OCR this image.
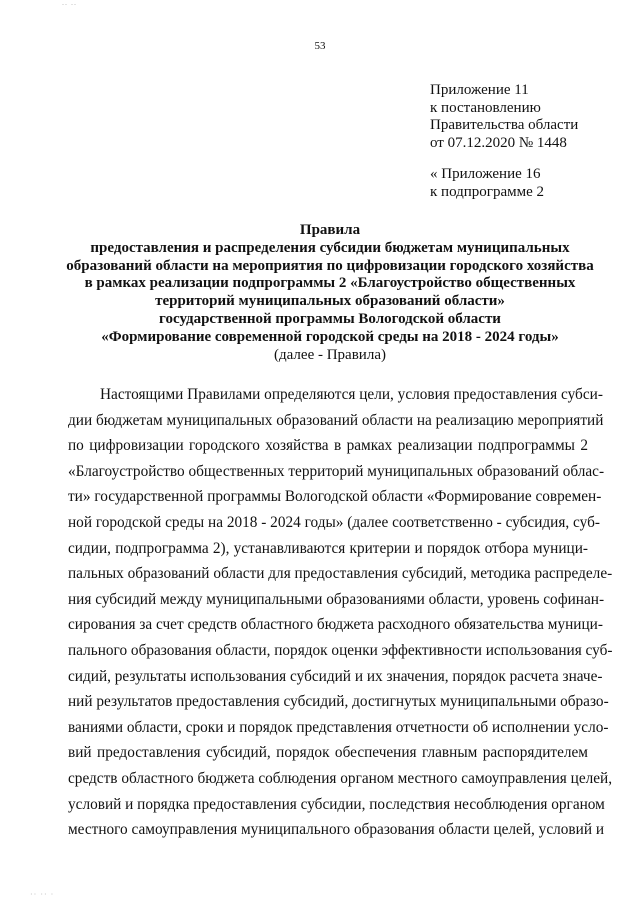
.. ..
·· ·· ·
53
Приложение 11
к постановлению
Правительства области
от 07.12.2020 № 1448
« Приложение 16
к подпрограмме 2
Правила
предоставления и распределения субсидии бюджетам муниципальных
образований области на мероприятия по цифровизации городского хозяйства
в рамках реализации подпрограммы 2 «Благоустройство общественных
территорий муниципальных образований области»
государственной программы Вологодской области
«Формирование современной городской среды на 2018 - 2024 годы»
(далее - Правила)
Настоящими Правилами определяются цели, условия предоставления субси-
дии бюджетам муниципальных образований области на реализацию мероприятий
по цифровизации городского хозяйства в рамках реализации подпрограммы 2
«Благоустройство общественных территорий муниципальных образований облас-
ти» государственной программы Вологодской области «Формирование современ-
ной городской среды на 2018 - 2024 годы» (далее соответственно - субсидия, суб-
сидии, подпрограмма 2), устанавливаются критерии и порядок отбора муници-
пальных образований области для предоставления субсидий, методика распределе-
ния субсидий между муниципальными образованиями области, уровень софинан-
сирования за счет средств областного бюджета расходного обязательства муници-
пального образования области, порядок оценки эффективности использования суб-
сидий, результаты использования субсидий и их значения, порядок расчета значе-
ний результатов предоставления субсидий, достигнутых муниципальными образо-
ваниями области, сроки и порядок представления отчетности об исполнении усло-
вий предоставления субсидий, порядок обеспечения главным распорядителем
средств областного бюджета соблюдения органом местного самоуправления целей,
условий и порядка предоставления субсидии, последствия несоблюдения органом
местного самоуправления муниципального образования области целей, условий и
